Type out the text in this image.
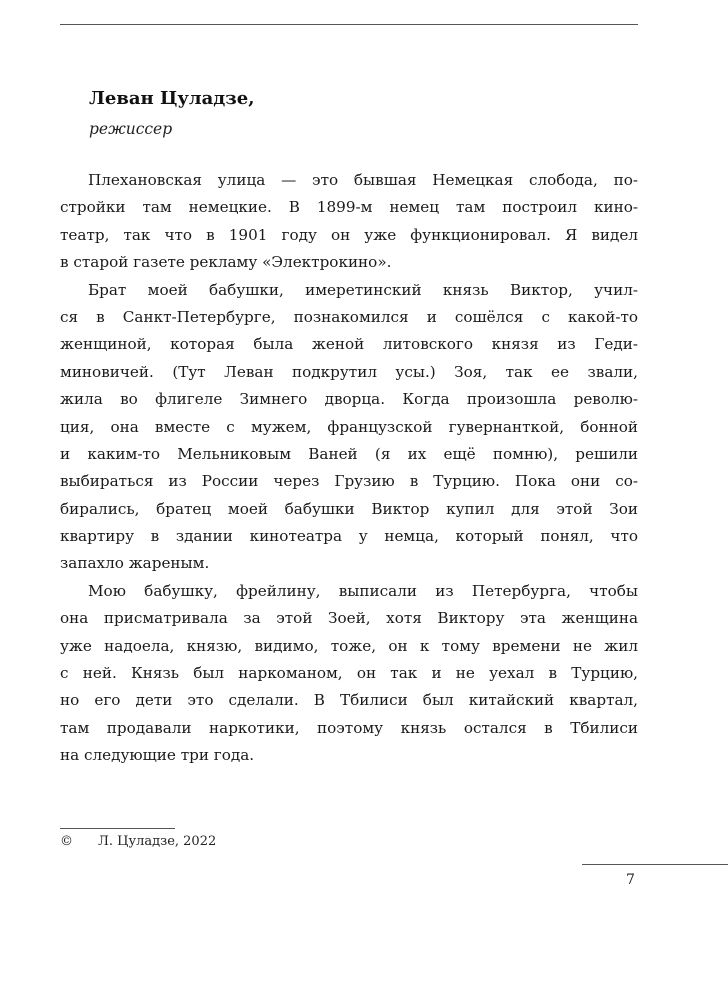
Леван Цуладзе,

режиссер

Плехановская улица — это бывшая Немецкая слобода, по-
стройки там немецкие. В 1899-м немец там построил кино-
театр, так что в 1901 году он уже функционировал. Я видел
в старой газете рекламу «Электрокино».

Брат моей бабушки, имеретинский князь Виктор, учил-
ся в Санкт-Петербурге, познакомился и сошёлся с какой-то
женщиной, которая была женой литовского князя из Геди-
миновичей. (Тут Леван подкрутил усы.) Зоя, так ее звали,
жила во флигеле Зимнего дворца. Когда произошла револю-
ция, она вместе с мужем, французской гувернанткой, бонной
и каким-то Мельниковым Ваней (я их ещё помню), решили
выбираться из России через Грузию в Турцию. Пока они со-
бирались, братец моей бабушки Виктор купил для этой Зои
квартиру в здании кинотеатра у немца, который понял, что
запахло жареным.

Мою бабушку, фрейлину, выписали из Петербурга, чтобы
она присматривала за этой Зоей, хотя Виктору эта женщина
уже надоела, князю, видимо, тоже, он к тому времени не жил
с ней. Князь был наркоманом, он так и не уехал в Турцию,
но его дети это сделали. В Тбилиси был китайский квартал,
там продавали наркотики, поэтому князь остался в Тбилиси
на следующие три года.

© Л. Цуладзе, 2022
7
